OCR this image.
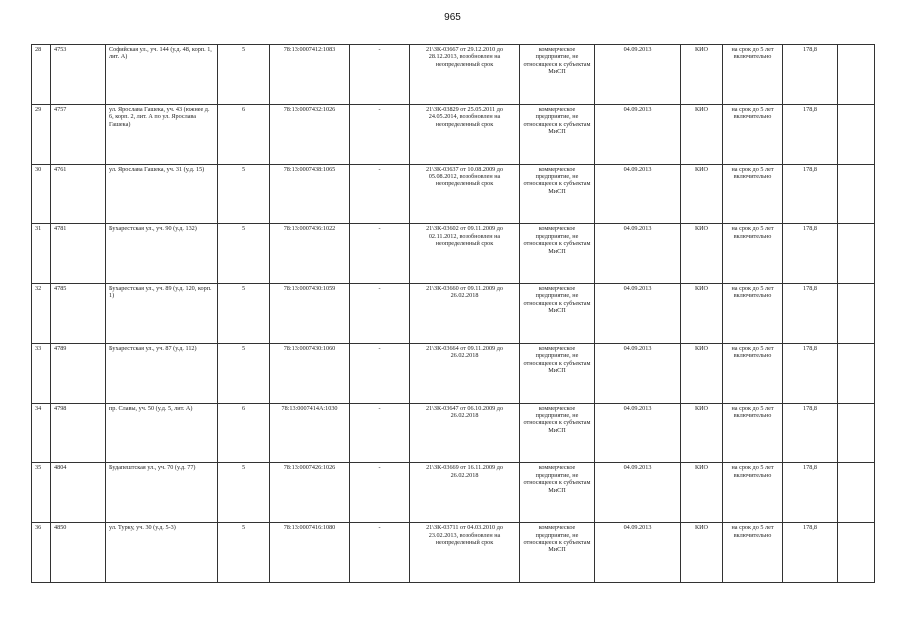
965
28	4753	Софийская ул., уч. 144 (у.д. 48, корп. 1, лит. А)	5	78:13:0007412:1083	-	21\ЗК-03667 от 29.12.2010 до 28.12.2013, возобновлен на неопределенный срок	коммерческое предприятие, не относящееся к субъектам МиСП	04.09.2013	КИО	на срок до 5 лет включительно	178,8	
29	4757	ул. Ярослава Гашека, уч. 43 (южнее д. 6, корп. 2, лит. А по ул. Ярослава Гашека)	6	78:13:0007432:1026	-	21\ЗК-03829 от 25.05.2011 до 24.05.2014, возобновлен на неопределенный срок	коммерческое предприятие, не относящееся к субъектам МиСП	04.09.2013	КИО	на срок до 5 лет включительно	178,8	
30	4761	ул. Ярослава Гашека, уч. 31 (у.д. 15)	5	78:13:0007438:1065	-	21\ЗК-03637 от 10.08.2009 до 05.08.2012, возобновлен на неопределенный срок	коммерческое предприятие, не относящееся к субъектам МиСП	04.09.2013	КИО	на срок до 5 лет включительно	178,8	
31	4781	Бухарестская ул., уч. 90 (у.д. 132)	5	78:13:0007436:1022	-	21\ЗК-03602 от 09.11.2009 до 02.11.2012, возобновлен на неопределенный срок	коммерческое предприятие, не относящееся к субъектам МиСП	04.09.2013	КИО	на срок до 5 лет включительно	178,8	
32	4785	Бухарестская ул., уч. 89 (у.д. 120, корп. 1)	5	78:13:0007430:1059	-	21\ЗК-03660 от 09.11.2009 до 26.02.2018	коммерческое предприятие, не относящееся к субъектам МиСП	04.09.2013	КИО	на срок до 5 лет включительно	178,8	
33	4789	Бухарестская ул., уч. 87 (у.д. 112)	5	78:13:0007430:1060	-	21\ЗК-03664 от 09.11.2009 до 26.02.2018	коммерческое предприятие, не относящееся к субъектам МиСП	04.09.2013	КИО	на срок до 5 лет включительно	178,8	
34	4798	пр. Славы, уч. 50 (у.д. 5, лит. А)	6	78:13:0007414А:1030	-	21\ЗК-03647 от 06.10.2009 до 26.02.2018	коммерческое предприятие, не относящееся к субъектам МиСП	04.09.2013	КИО	на срок до 5 лет включительно	178,8	
35	4804	Будапештская ул., уч. 70 (у.д. 77)	5	78:13:0007426:1026	-	21\ЗК-03669 от 16.11.2009 до 26.02.2018	коммерческое предприятие, не относящееся к субъектам МиСП	04.09.2013	КИО	на срок до 5 лет включительно	178,8	
36	4850	ул. Турку, уч. 30 (у.д. 5-3)	5	78:13:0007416:1080	-	21\ЗК-03711 от 04.03.2010 до 23.02.2013, возобновлен на неопределенный срок	коммерческое предприятие, не относящееся к субъектам МиСП	04.09.2013	КИО	на срок до 5 лет включительно	178,8	
